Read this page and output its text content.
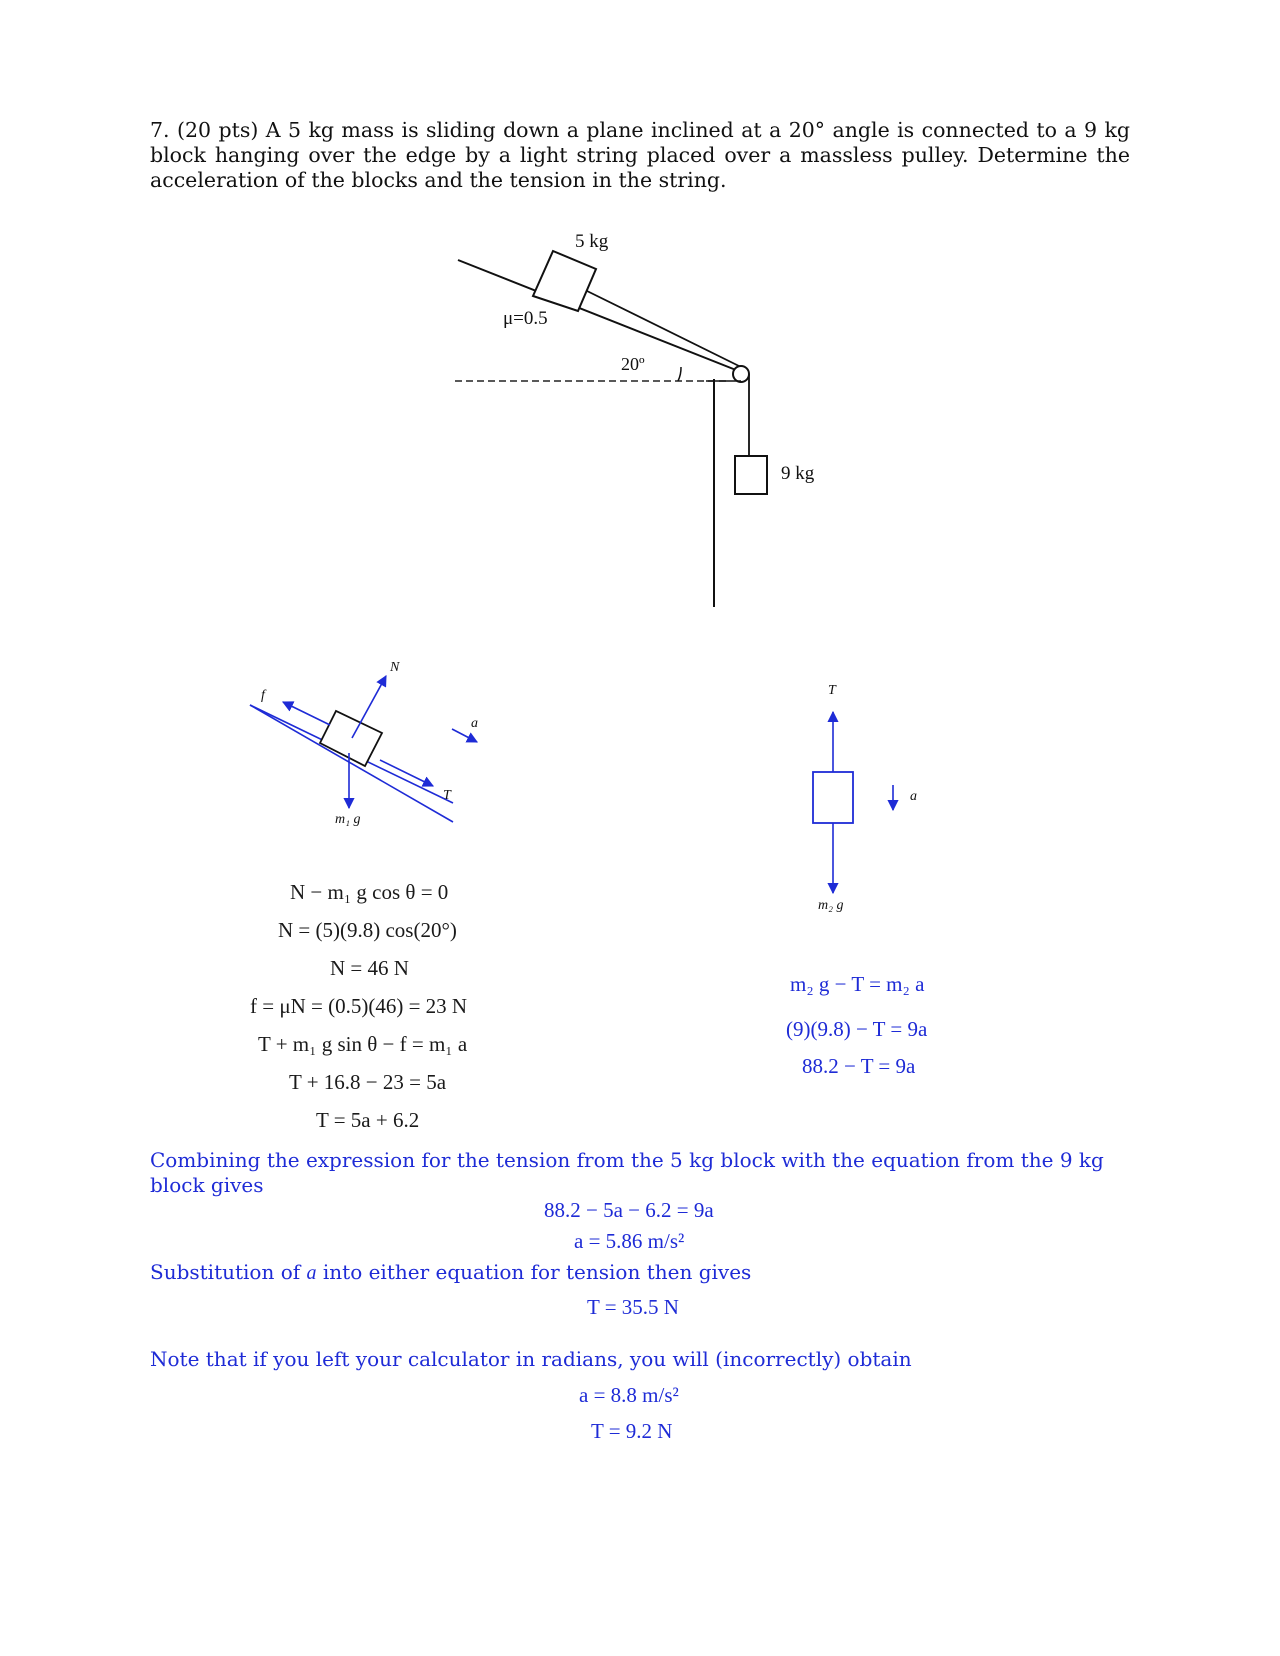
7. (20 pts) A 5 kg mass is sliding down a plane inclined at a 20° angle is connected to a 9 kg block hanging over the edge by a light string placed over a massless pulley. Determine the acceleration of the blocks and the tension in the string.
5 kg
μ=0.5
20º
9 kg
f
N
a
T
m₁ g
T
a
m₂ g
N − m₁ g cos θ = 0
N = (5)(9.8) cos(20°)
N = 46 N
f = μN = (0.5)(46) = 23 N
T + m₁ g sin θ − f = m₁ a
T + 16.8 − 23 = 5a
T = 5a + 6.2
m₂ g − T = m₂ a
(9)(9.8) − T = 9a
88.2 − T = 9a
Combining the expression for the tension from the 5 kg block with the equation from the 9 kg block gives
88.2 − 5a − 6.2 = 9a
a = 5.86 m/s²
Substitution of a into either equation for tension then gives
T = 35.5 N
Note that if you left your calculator in radians, you will (incorrectly) obtain
a = 8.8 m/s²
T = 9.2 N
